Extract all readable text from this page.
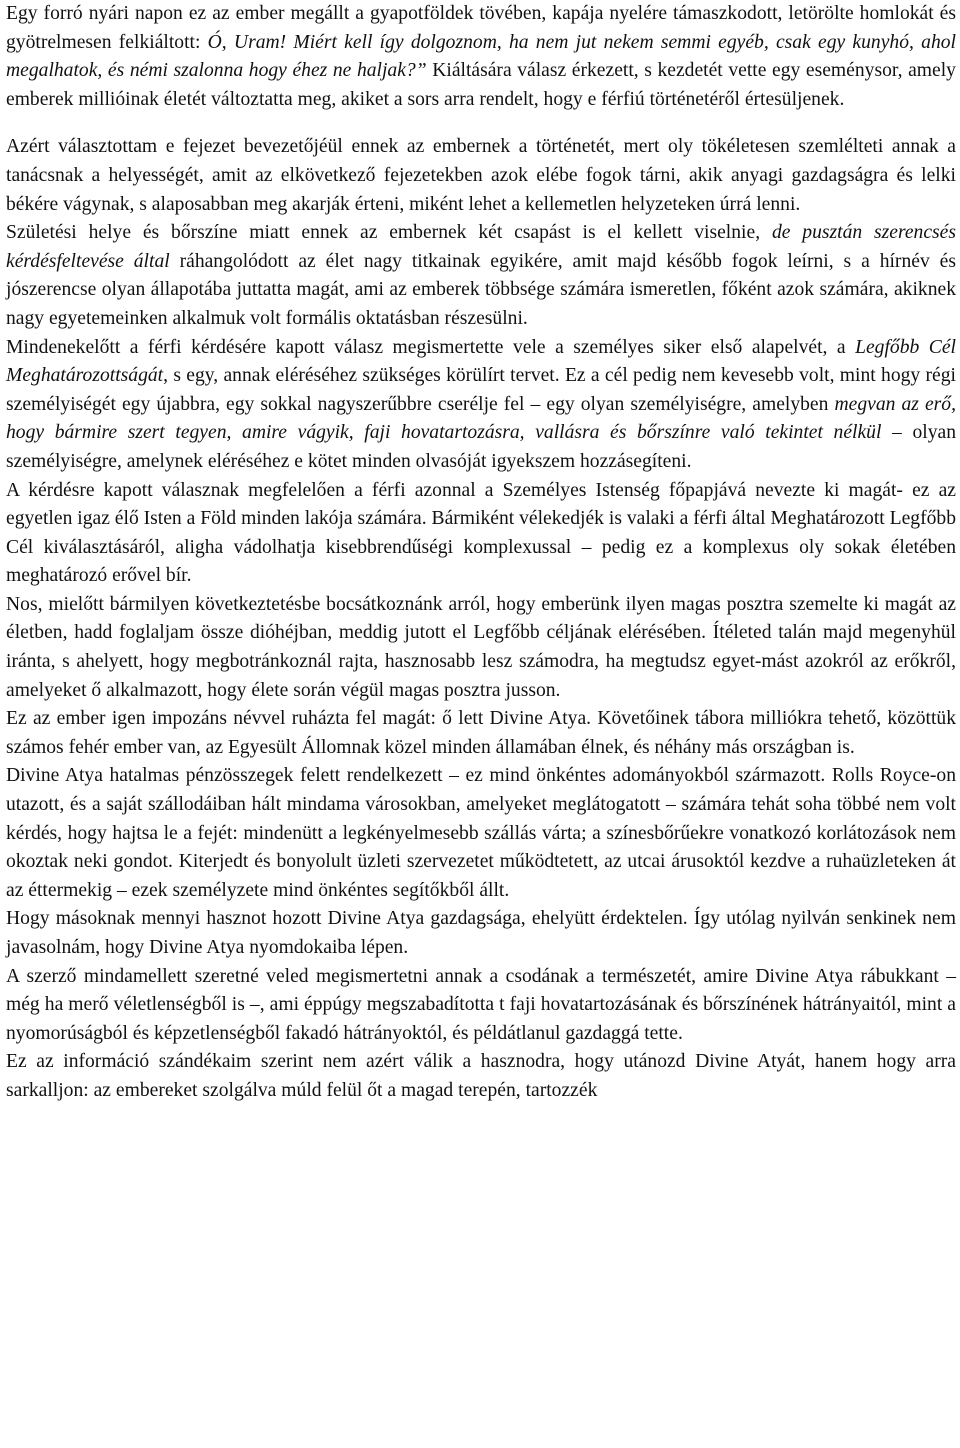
Egy forró nyári napon ez az ember megállt a gyapotföldek tövében, kapája nyelére támaszkodott, letörölte homlokát és gyötrelmesen felkiáltott: Ó, Uram! Miért kell így dolgoznom, ha nem jut nekem semmi egyéb, csak egy kunyhó, ahol megalhatok, és némi szalonna hogy éhez ne haljak?” Kiáltására válasz érkezett, s kezdetét vette egy eseménysor, amely emberek millióinak életét változtatta meg, akiket a sors arra rendelt, hogy e férfiú történetéről értesüljenek.

Azért választottam e fejezet bevezetőjéül ennek az embernek a történetét, mert oly tökéletesen szemlélteti annak a tanácsnak a helyességét, amit az elkövetkező fejezetekben azok elébe fogok tárni, akik anyagi gazdagságra és lelki békére vágynak, s alaposabban meg akarják érteni, miként lehet a kellemetlen helyzeteken úrrá lenni.

Születési helye és bőrszíne miatt ennek az embernek két csapást is el kellett viselnie, de pusztán szerencsés kérdésfeltevése által ráhangolódott az élet nagy titkainak egyikére, amit majd később fogok leírni, s a hírnév és jószerencse olyan állapotába juttatta magát, ami az emberek többsége számára ismeretlen, főként azok számára, akiknek nagy egyetemeinken alkalmuk volt formális oktatásban részesülni.

Mindenekelőtt a férfi kérdésére kapott válasz megismertette vele a személyes siker első alapelvét, a Legfőbb Cél Meghatározottságát, s egy, annak eléréséhez szükséges körülírt tervet. Ez a cél pedig nem kevesebb volt, mint hogy régi személyiségét egy újabbra, egy sokkal nagyszerűbbre cserélje fel – egy olyan személyiségre, amelyben megvan az erő, hogy bármire szert tegyen, amire vágyik, faji hovatartozásra, vallásra és bőrszínre való tekintet nélkül – olyan személyiségre, amelynek eléréséhez e kötet minden olvasóját igyekszem hozzásegíteni.

A kérdésre kapott válasznak megfelelően a férfi azonnal a Személyes Istenség főpapjává nevezte ki magát- ez az egyetlen igaz élő Isten a Föld minden lakója számára. Bármiként vélekedjék is valaki a férfi által Meghatározott Legfőbb Cél kiválasztásáról, aligha vádolhatja kisebbrendűségi komplexussal – pedig ez a komplexus oly sokak életében meghatározó erővel bír.

Nos, mielőtt bármilyen következtetésbe bocsátkoznánk arról, hogy emberünk ilyen magas posztra szemelte ki magát az életben, hadd foglaljam össze dióhéjban, meddig jutott el Legfőbb céljának elérésében. Ítéleted talán majd megenyhül iránta, s ahelyett, hogy megbotránkoznál rajta, hasznosabb lesz számodra, ha megtudsz egyet-mást azokról az erőkről, amelyeket ő alkalmazott, hogy élete során végül magas posztra jusson.

Ez az ember igen impozáns névvel ruházta fel magát: ő lett Divine Atya. Követőinek tábora milliókra tehető, közöttük számos fehér ember van, az Egyesült Állomnak közel minden államában élnek, és néhány más országban is.

Divine Atya hatalmas pénzösszegek felett rendelkezett – ez mind önkéntes adományokból származott. Rolls Royce-on utazott, és a saját szállodáiban hált mindama városokban, amelyeket meglátogatott – számára tehát soha többé nem volt kérdés, hogy hajtsa le a fejét: mindenütt a legkényelmesebb szállás várta; a színesbőrűekre vonatkozó korlátozások nem okoztak neki gondot. Kiterjedt és bonyolult üzleti szervezetet működtetett, az utcai árusoktól kezdve a ruhaüzleteken át az éttermekig – ezek személyzete mind önkéntes segítőkből állt.

Hogy másoknak mennyi hasznot hozott Divine Atya gazdagsága, ehelyütt érdektelen. Így utólag nyilván senkinek nem javasolnám, hogy Divine Atya nyomdokaiba lépen.

A szerző mindamellett szeretné veled megismertetni annak a csodának a természetét, amire Divine Atya rábukkant – még ha merő véletlenségből is –, ami éppúgy megszabadította t faji hovatartozásának és bőrszínének hátrányaitól, mint a nyomorúságból és képzetlenségből fakadó hátrányoktól, és példátlanul gazdaggá tette.

Ez az információ szándékaim szerint nem azért válik a hasznodra, hogy utánozd Divine Atyát, hanem hogy arra sarkalljon: az embereket szolgálva múld felül őt a magad terepén, tartozzék
